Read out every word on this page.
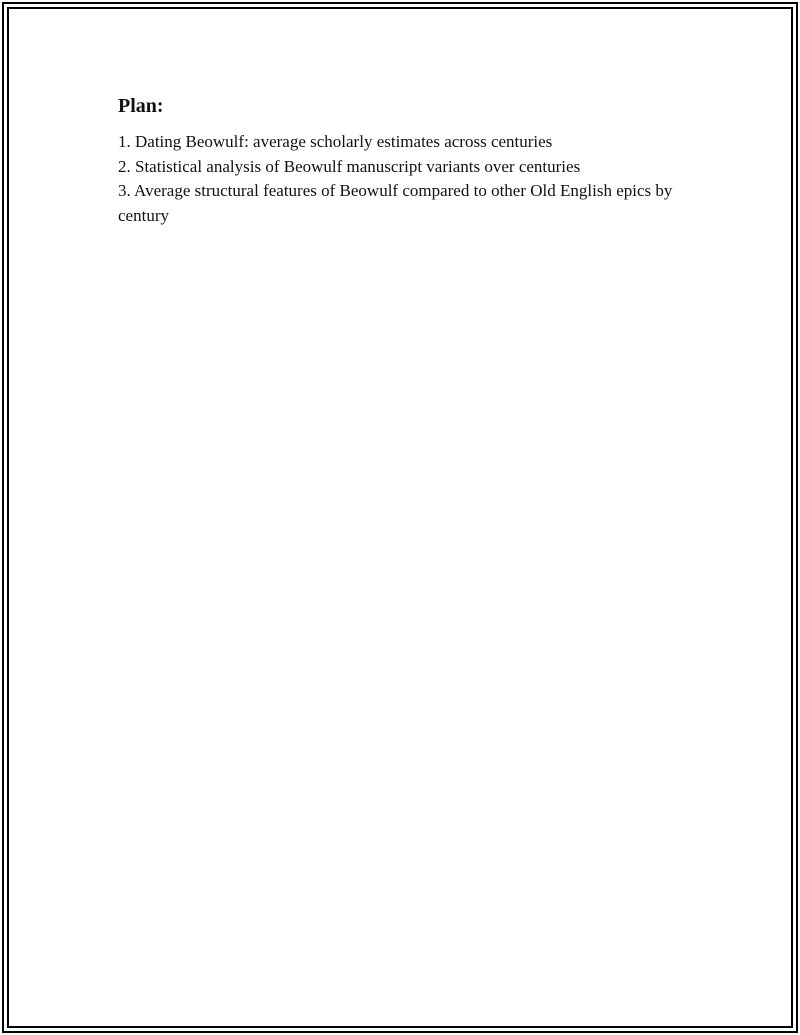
Plan:
1. Dating Beowulf: average scholarly estimates across centuries
2. Statistical analysis of Beowulf manuscript variants over centuries
3. Average structural features of Beowulf compared to other Old English epics by century
